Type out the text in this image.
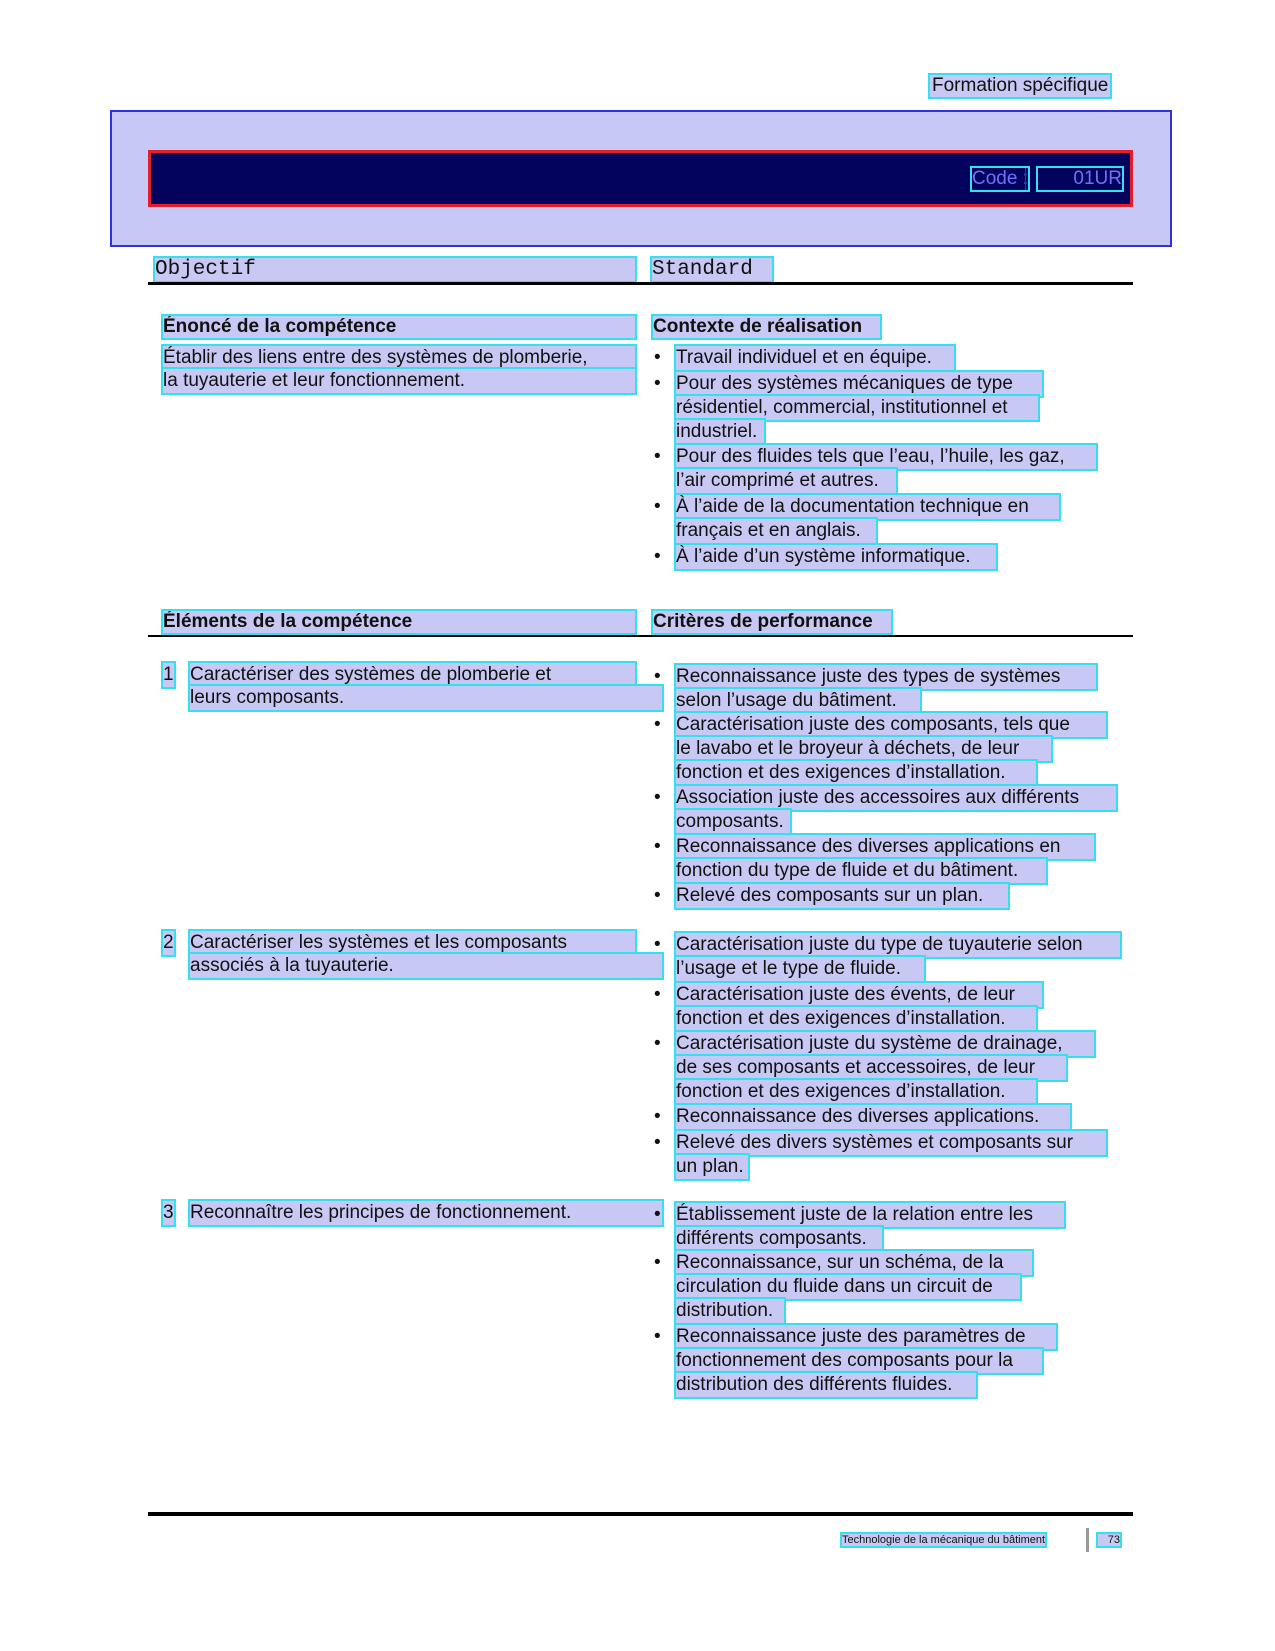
Formation spécifique
Code :	01UR
Objectif	Standard
Énoncé de la compétence	Contexte de réalisation
Établir des liens entre des systèmes de plomberie,
la tuyauterie et leur fonctionnement.
• Travail individuel et en équipe.
• Pour des systèmes mécaniques de type
résidentiel, commercial, institutionnel et
industriel.
• Pour des fluides tels que l’eau, l’huile, les gaz,
l’air comprimé et autres.
• À l’aide de la documentation technique en
français et en anglais.
• À l’aide d’un système informatique.
Éléments de la compétence	Critères de performance
1 Caractériser des systèmes de plomberie et
leurs composants.
• Reconnaissance juste des types de systèmes
selon l’usage du bâtiment.
• Caractérisation juste des composants, tels que
le lavabo et le broyeur à déchets, de leur
fonction et des exigences d’installation.
• Association juste des accessoires aux différents
composants.
• Reconnaissance des diverses applications en
fonction du type de fluide et du bâtiment.
• Relevé des composants sur un plan.
2 Caractériser les systèmes et les composants
associés à la tuyauterie.
• Caractérisation juste du type de tuyauterie selon
l’usage et le type de fluide.
• Caractérisation juste des évents, de leur
fonction et des exigences d’installation.
• Caractérisation juste du système de drainage,
de ses composants et accessoires, de leur
fonction et des exigences d’installation.
• Reconnaissance des diverses applications.
• Relevé des divers systèmes et composants sur
un plan.
3 Reconnaître les principes de fonctionnement.
•	Établissement juste de la relation entre les
différents composants.
• Reconnaissance, sur un schéma, de la
circulation du fluide dans un circuit de
distribution.
• Reconnaissance juste des paramètres de
fonctionnement des composants pour la
distribution des différents fluides.
Technologie de la mécanique du bâtiment	73
